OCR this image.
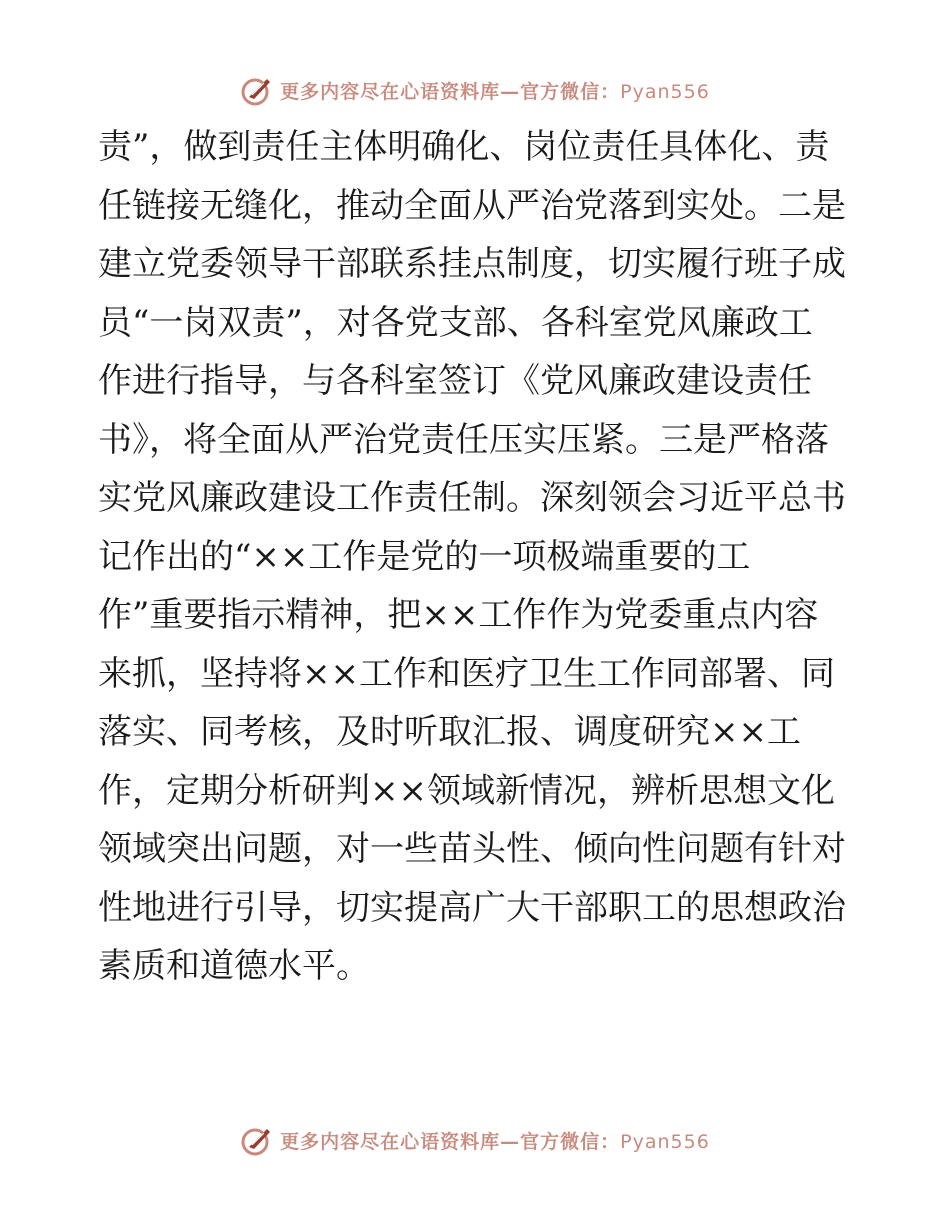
更多内容尽在心语资料库—官方微信：Pyan556
责”，做到责任主体明确化、岗位责任具体化、责
任链接无缝化，推动全面从严治党落到实处。二是
建立党委领导干部联系挂点制度，切实履行班子成
员“一岗双责”，对各党支部、各科室党风廉政工
作进行指导，与各科室签订《党风廉政建设责任
书》，将全面从严治党责任压实压紧。三是严格落
实党风廉政建设工作责任制。深刻领会习近平总书
记作出的“××工作是党的一项极端重要的工
作”重要指示精神，把××工作作为党委重点内容
来抓，坚持将××工作和医疗卫生工作同部署、同
落实、同考核，及时听取汇报、调度研究××工
作，定期分析研判××领域新情况，辨析思想文化
领域突出问题，对一些苗头性、倾向性问题有针对
性地进行引导，切实提高广大干部职工的思想政治
素质和道德水平。
更多内容尽在心语资料库—官方微信：Pyan556
